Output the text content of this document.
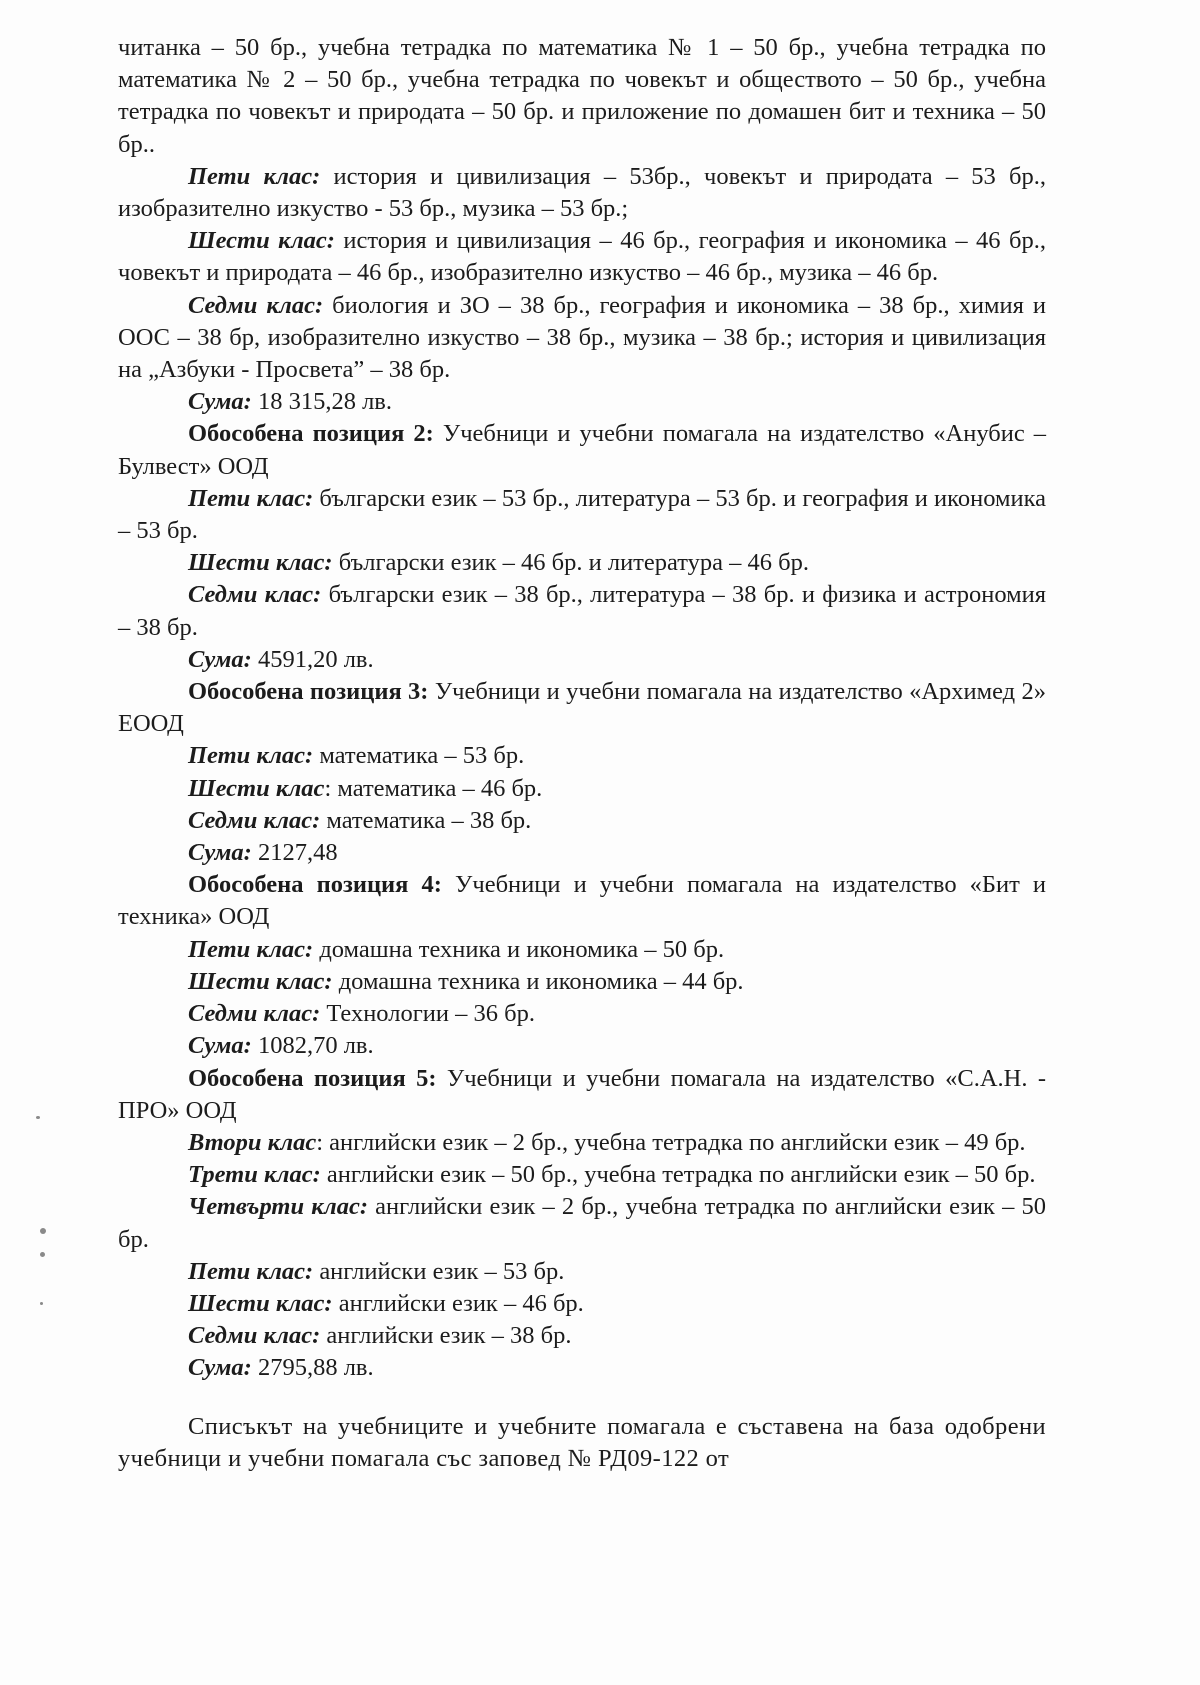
читанка – 50 бр., учебна тетрадка по математика № 1 – 50 бр., учебна тетрадка по математика № 2 – 50 бр., учебна тетрадка по човекът и обществото – 50 бр., учебна тетрадка по човекът и природата – 50 бр. и приложение по домашен бит и техника – 50 бр..

Пети клас: история и цивилизация – 53бр., човекът и природата – 53 бр., изобразително изкуство - 53 бр., музика – 53 бр.;

Шести клас: история и цивилизация – 46 бр., география и икономика – 46 бр., човекът и природата – 46 бр., изобразително изкуство – 46 бр., музика – 46 бр.

Седми клас: биология и ЗО – 38 бр., география и икономика – 38 бр., химия и ООС – 38 бр, изобразително изкуство – 38 бр., музика – 38 бр.; история и цивилизация на „Азбуки - Просвета” – 38 бр.

Сума: 18 315,28 лв.

Обособена позиция 2: Учебници и учебни помагала на издателство «Анубис – Булвест» ООД

Пети клас: български език – 53 бр., литература – 53 бр. и география и икономика – 53 бр.

Шести клас: български език – 46 бр. и литература – 46 бр.

Седми клас: български език – 38 бр., литература – 38 бр. и физика и астрономия – 38 бр.

Сума: 4591,20 лв.

Обособена позиция 3: Учебници и учебни помагала на издателство «Архимед 2» ЕООД

Пети клас: математика – 53 бр.

Шести клас: математика – 46 бр.

Седми клас: математика – 38 бр.

Сума: 2127,48

Обособена позиция 4: Учебници и учебни помагала на издателство «Бит и техника» ООД

Пети клас: домашна техника и икономика – 50 бр.

Шести клас: домашна техника и икономика – 44 бр.

Седми клас: Технологии – 36 бр.

Сума: 1082,70 лв.

Обособена позиция 5: Учебници и учебни помагала на издателство «С.А.Н. - ПРО» ООД

Втори клас: английски език – 2 бр., учебна тетрадка по английски език – 49 бр.

Трети клас: английски език – 50 бр., учебна тетрадка по английски език – 50 бр.

Четвърти клас: английски език – 2 бр., учебна тетрадка по английски език – 50 бр.

Пети клас: английски език – 53 бр.

Шести клас: английски език – 46 бр.

Седми клас: английски език – 38 бр.

Сума: 2795,88 лв.

Списъкът на учебниците и учебните помагала е съставена на база одобрени учебници и учебни помагала със заповед № РД09-122 от
